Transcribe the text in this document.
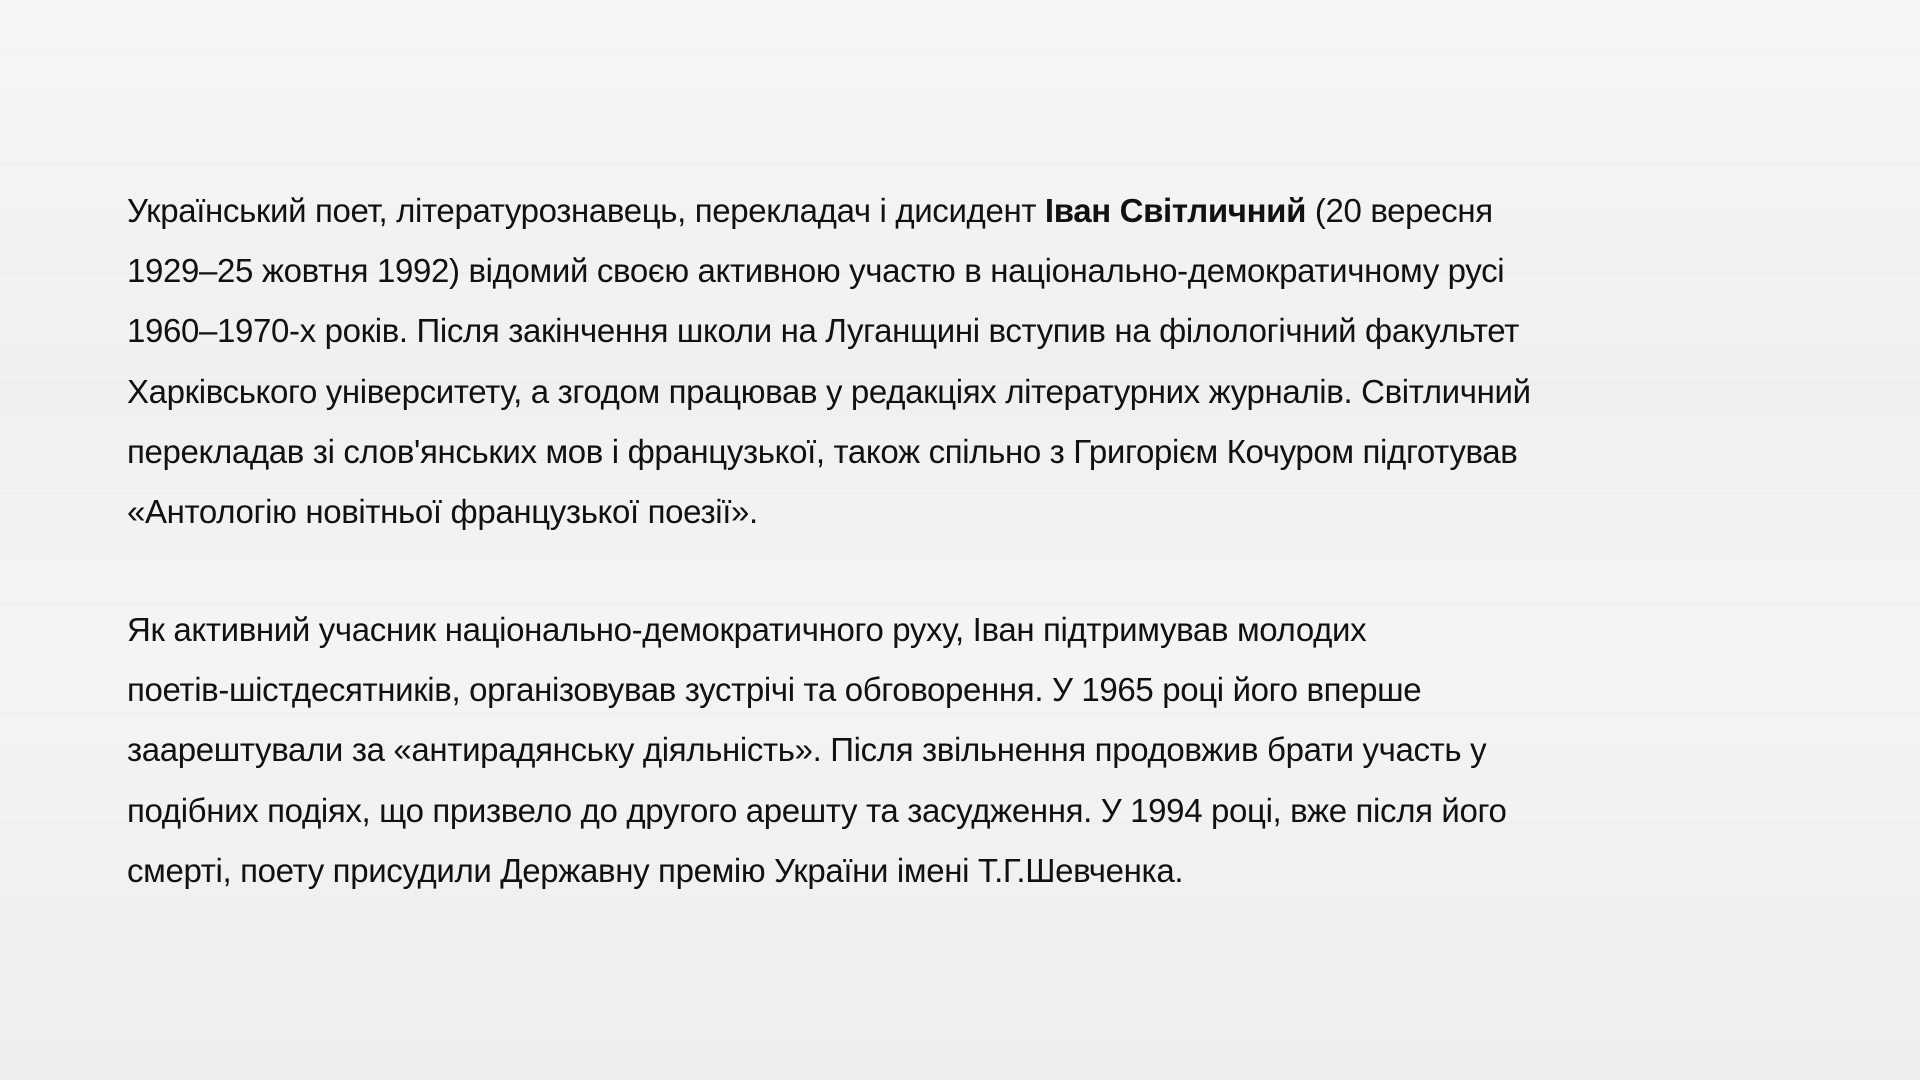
Український поет, літературознавець, перекладач і дисидент Іван Світличний (20 вересня
1929–25 жовтня 1992) відомий своєю активною участю в національно-демократичному русі
1960–1970-х років. Після закінчення школи на Луганщині вступив на філологічний факультет
Харківського університету, а згодом працював у редакціях літературних журналів. Світличний
перекладав зі слов'янських мов і французької, також спільно з Григорієм Кочуром підготував
«Антологію новітньої французької поезії».

Як активний учасник національно-демократичного руху, Іван підтримував молодих
поетів-шістдесятників, організовував зустрічі та обговорення. У 1965 році його вперше
заарештували за «антирадянську діяльність». Після звільнення продовжив брати участь у
подібних подіях, що призвело до другого арешту та засудження. У 1994 році, вже після його
смерті, поету присудили Державну премію України імені Т.Г.Шевченка.
